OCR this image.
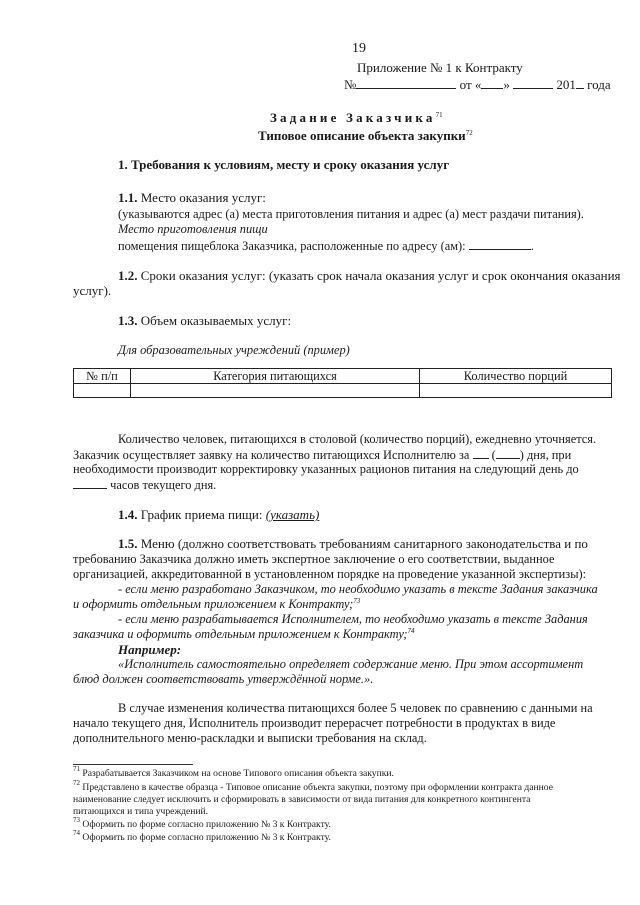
19
Приложение № 1 к Контракту
№	от « »	201 года
Задание Заказчика$^{71}$
Типовое описание объекта закупки$^{72}$
1. Требования к условиям, месту и сроку оказания услуг
1.1. Место оказания услуг:
(указываются адрес (а) места приготовления питания и адрес (а) мест раздачи питания).
Место приготовления пищи
помещения пищеблока Заказчика, расположенные по адресу (ам):	.
1.2. Сроки оказания услуг: (указать срок начала оказания услуг и срок окончания оказания
услуг).
1.3. Объем оказываемых услуг:
Для образовательных учреждений (пример)
№ п/п	Категория питающихся	Количество порций

Количество человек, питающихся в столовой (количество порций), ежедневно уточняется.
Заказчик осуществляет заявку на количество питающихся Исполнителю за  ( ) дня, при
необходимости производит корректировку указанных рационов питания на следующий день до
часов текущего дня.
1.4. График приема пищи: (указать)
1.5. Меню (должно соответствовать требованиям санитарного законодательства и по
требованию Заказчика должно иметь экспертное заключение о его соответствии, выданное
организацией, аккредитованной в установленном порядке на проведение указанной экспертизы):
- если меню разработано Заказчиком, то необходимо указать в тексте Задания заказчика
и оформить отдельным приложением к Контракту;$^{73}$
- если меню разрабатывается Исполнителем, то необходимо указать в тексте Задания
заказчика и оформить отдельным приложением к Контракту;$^{74}$
Например:
«Исполнитель самостоятельно определяет содержание меню. При этом ассортимент
блюд должен соответствовать утверждённой норме.».
В случае изменения количества питающихся более 5 человек по сравнению с данными на
начало текущего дня, Исполнитель производит перерасчет потребности в продуктах в виде
дополнительного меню-раскладки и выписки требования на склад.
$^{71}$ Разрабатывается Заказчиком на основе Типового описания объекта закупки.
$^{72}$ Представлено в качестве образца - Типовое описание объекта закупки, поэтому при оформлении контракта данное
наименование следует исключить и сформировать в зависимости от вида питания для конкретного контингента
питающихся и типа учреждений.
$^{73}$ Оформить по форме согласно приложению № 3 к Контракту.
$^{74}$ Оформить по форме согласно приложению № 3 к Контракту.
